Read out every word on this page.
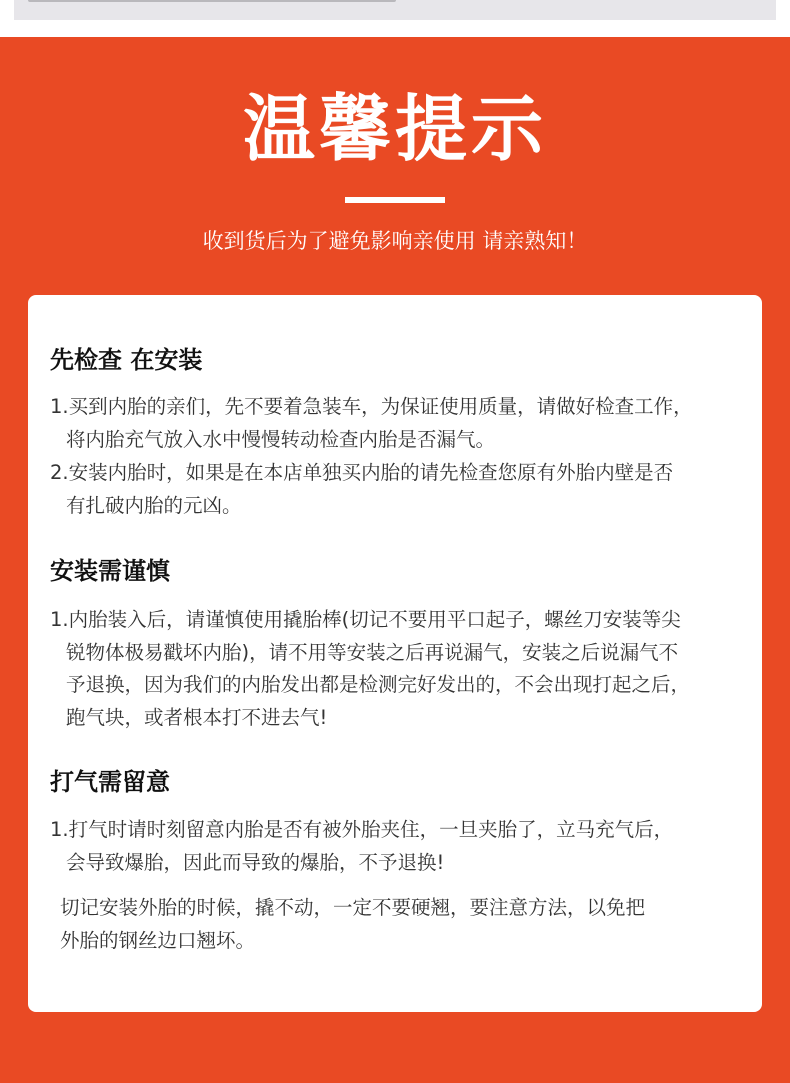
温馨提示
收到货后为了避免影响亲使用 请亲熟知！
先检查 在安装
1.买到内胎的亲们，先不要着急装车，为保证使用质量，请做好检查工作，
将内胎充气放入水中慢慢转动检查内胎是否漏气。
2.安装内胎时，如果是在本店单独买内胎的请先检查您原有外胎内壁是否
有扎破内胎的元凶。
安装需谨慎
1.内胎装入后，请谨慎使用撬胎棒(切记不要用平口起子，螺丝刀安装等尖
锐物体极易戳坏内胎)，请不用等安装之后再说漏气，安装之后说漏气不
予退换，因为我们的内胎发出都是检测完好发出的，不会出现打起之后，
跑气块，或者根本打不进去气!
打气需留意
1.打气时请时刻留意内胎是否有被外胎夹住，一旦夹胎了，立马充气后，
会导致爆胎，因此而导致的爆胎，不予退换!
切记安装外胎的时候，撬不动，一定不要硬翘，要注意方法，以免把
外胎的钢丝边口翘坏。
